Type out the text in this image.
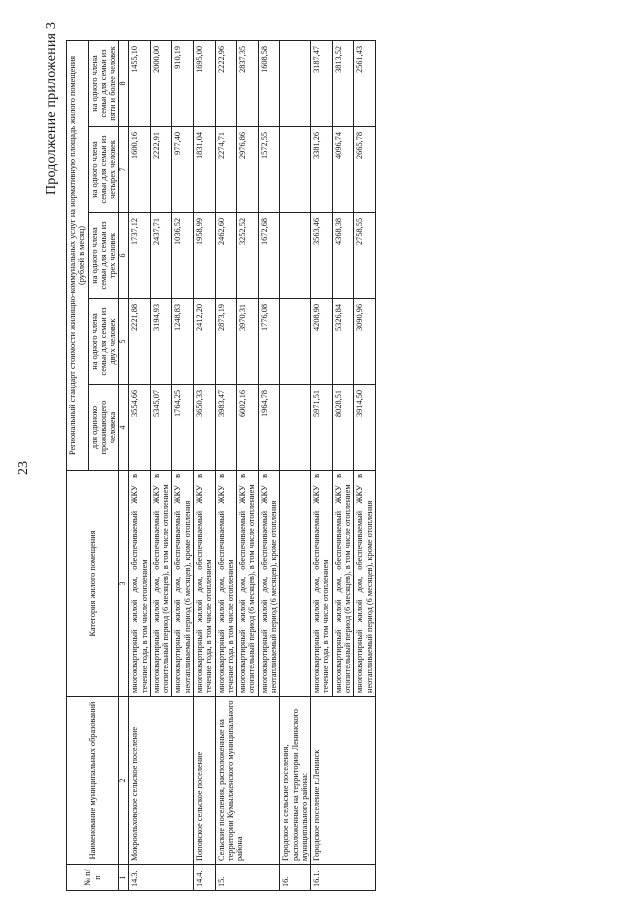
23
Продолжение приложения 3
№ п/п	Наименование муниципальных образований	Категория жилого помещения	Региональный стандарт стоимости жилищно-коммунальных услуг на нормативную площадь жилого помещения (рублей в месяц)				
			для одиноко проживающего человека	на одного члена семьи для семьи из двух человек	на одного члена семьи для семьи из трех человек	на одного члена семьи для семьи из четырех человек	на одного члена семьи для семьи из пяти и более человек
1	2	3	4	5	6	7	8
14.3.	Мокрoольховское сельское поселение	многоквартирный жилой дом, обеспечиваемый ЖКУ в течение года, в том числе отоплением	3554,66	2221,88	1737,12	1600,16	1455,10
		многоквартирный жилой дом, обеспечиваемый ЖКУ в отопительный период (6 месяцев), в том числе отоплением	5345,07	3194,93	2437,71	2222,91	2000,00
		многоквартирный жилой дом, обеспечиваемый ЖКУ в неотапливаемый период (6 месяцев), кроме отопления	1764,25	1248,83	1036,52	977,40	910,19
14.4.	Поповское сельское поселение	многоквартирный жилой дом, обеспечиваемый ЖКУ в течение года, в том числе отоплением	3650,33	2412,20	1958,99	1831,04	1695,00
15.	Сельские поселения, расположенные на территории Кумылженского муниципального района	многоквартирный жилой дом, обеспечиваемый ЖКУ в течение года, в том числе отоплением	3983,47	2873,19	2462,60	2274,71	2222,96
		многоквартирный жилой дом, обеспечиваемый ЖКУ в отопительный период (6 месяцев), в том числе отоплением	6002,16	3970,31	3252,52	2976,86	2837,35
		многоквартирный жилой дом, обеспечиваемый ЖКУ в неотапливаемый период (6 месяцев), кроме отопления	1964,78	1776,08	1672,68	1572,55	1608,58
16.	Городское и сельские поселения, расположенные на территории Ленинского муниципального района:						
16.1.	Городское поселение г.Ленинск	многоквартирный жилой дом, обеспечиваемый ЖКУ в течение года, в том числе отоплением	5971,51	4208,90	3563,46	3381,26	3187,47
		многоквартирный жилой дом, обеспечиваемый ЖКУ в отопительный период (6 месяцев), в том числе отоплением	8028,51	5326,84	4368,38	4096,74	3813,52
		многоквартирный жилой дом, обеспечиваемый ЖКУ в неотапливаемый период (6 месяцев), кроме отопления	3914,50	3090,96	2758,55	2665,78	2561,43
